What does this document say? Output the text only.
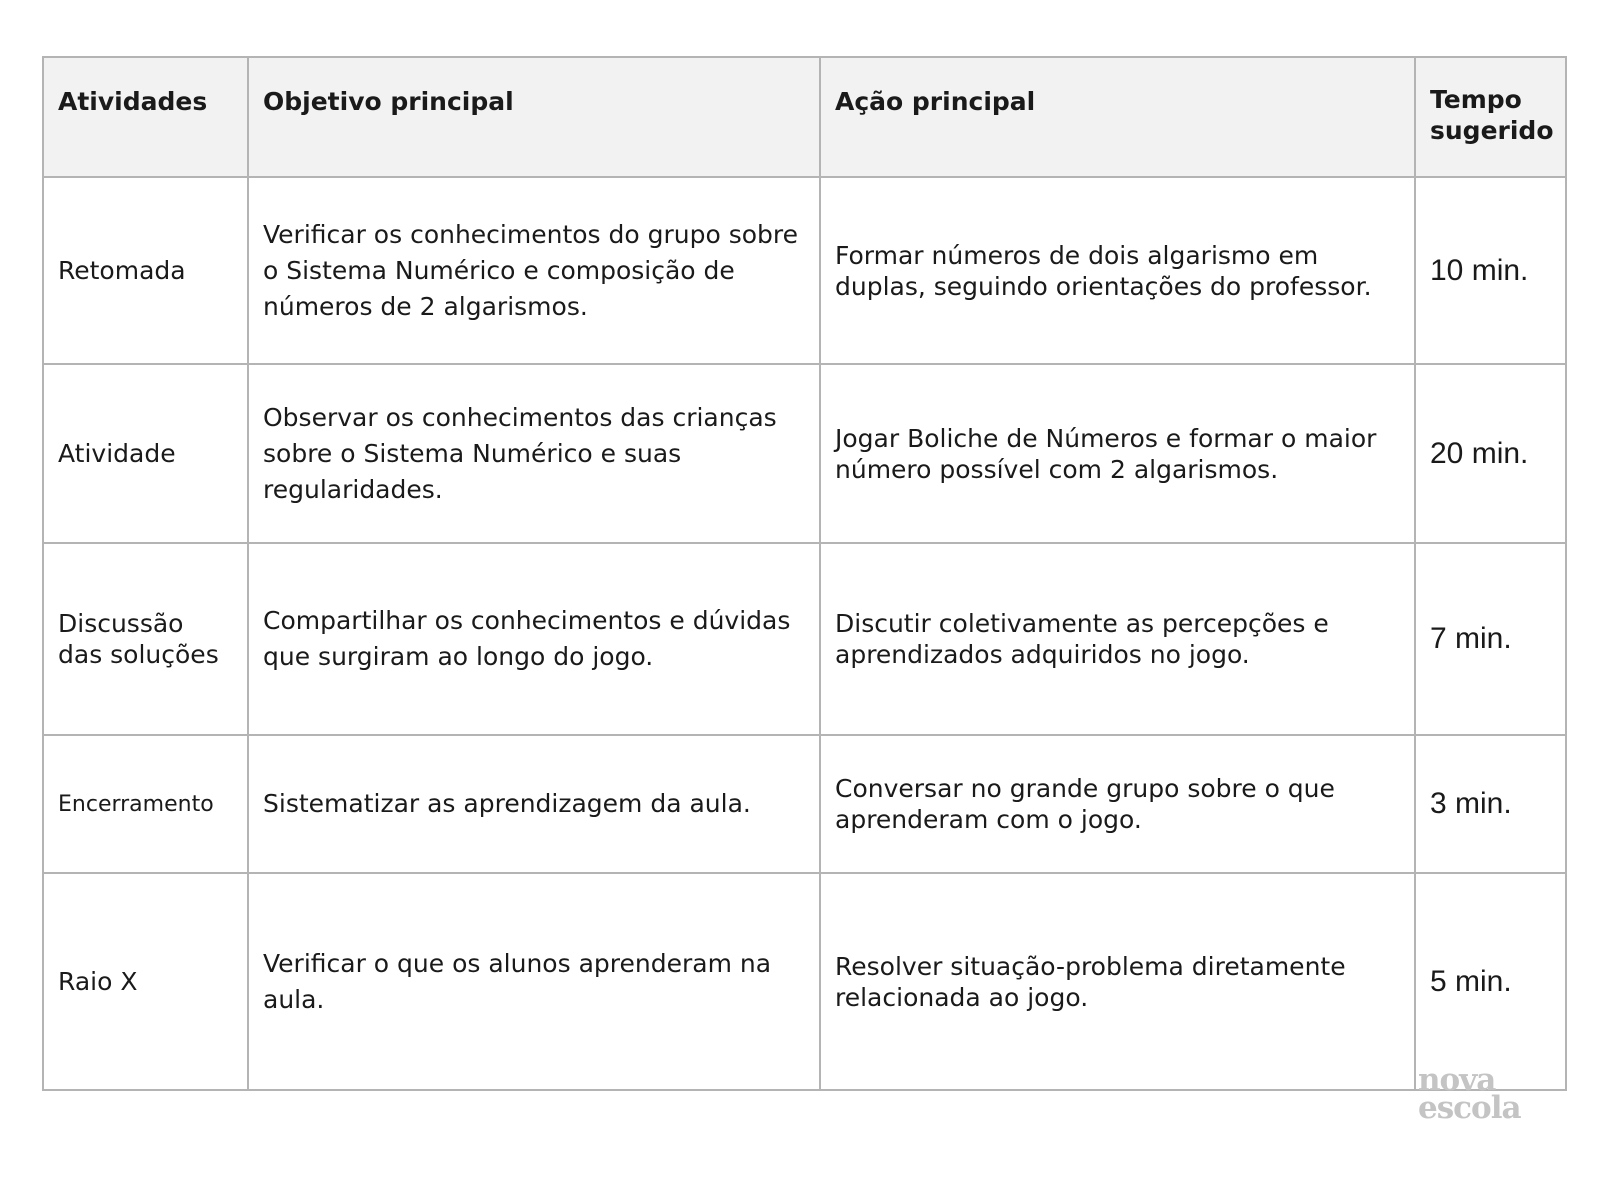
Atividades	Objetivo principal	Ação principal	Tempo sugerido
Retomada	Verificar os conhecimentos do grupo sobre o Sistema Numérico e composição de números de 2 algarismos.	Formar números de dois algarismo em duplas, seguindo orientações do professor.	10 min.
Atividade	Observar os conhecimentos das crianças sobre o Sistema Numérico e suas regularidades.	Jogar Boliche de Números e formar o maior número possível com 2 algarismos.	20 min.
Discussão das soluções	Compartilhar os conhecimentos e dúvidas que surgiram ao longo do jogo.	Discutir coletivamente as percepções e aprendizados adquiridos no jogo.	7 min.
Encerramento	Sistematizar as aprendizagem da aula.	Conversar no grande grupo sobre o que aprenderam com o jogo.	3 min.
Raio X	Verificar o que os alunos aprenderam na aula.	Resolver situação-problema diretamente relacionada ao jogo.	5 min.
nova
escola
